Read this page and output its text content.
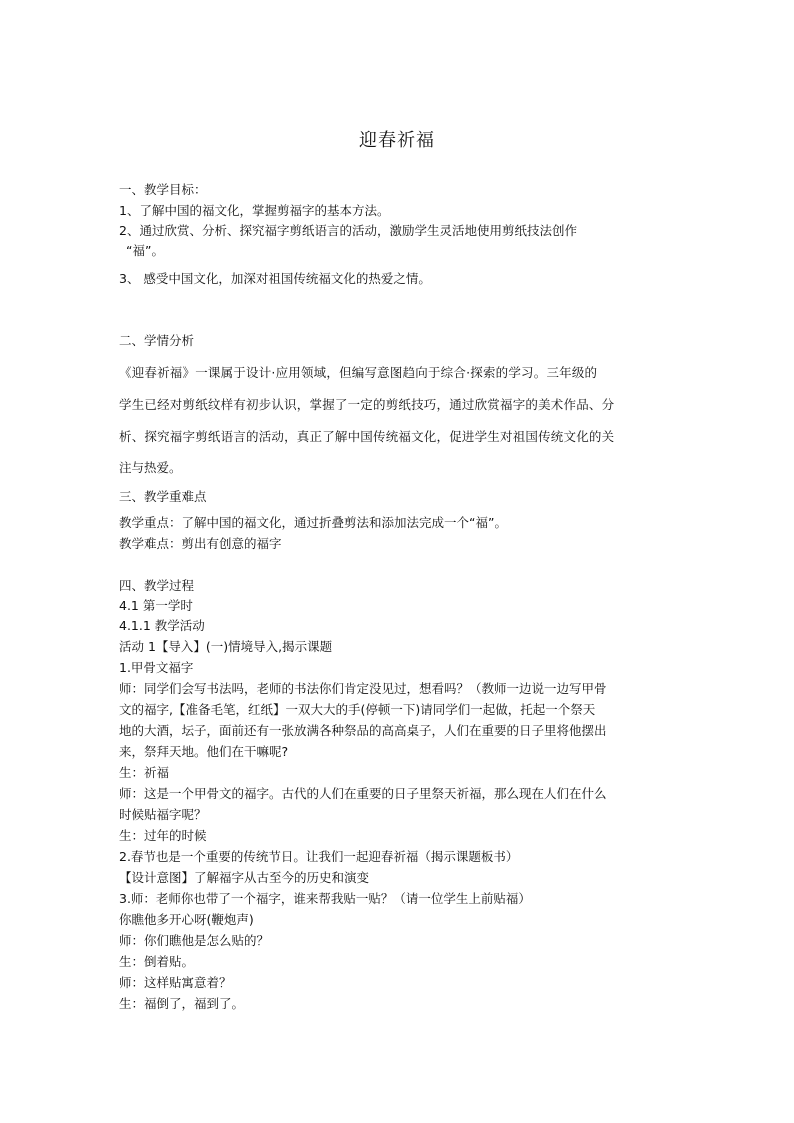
迎春祈福
一、教学目标：
1、了解中国的福文化，掌握剪福字的基本方法。
2、通过欣赏、分析、探究福字剪纸语言的活动，激励学生灵活地使用剪纸技法创作
“福”。
3、 感受中国文化，加深对祖国传统福文化的热爱之情。
二、学情分析
《迎春祈福》一课属于设计·应用领域，但编写意图趋向于综合·探索的学习。三年级的
学生已经对剪纸纹样有初步认识，掌握了一定的剪纸技巧，通过欣赏福字的美术作品、分
析、探究福字剪纸语言的活动，真正了解中国传统福文化，促进学生对祖国传统文化的关
注与热爱。
三、教学重难点
教学重点：了解中国的福文化，通过折叠剪法和添加法完成一个“福”。
教学难点：剪出有创意的福字
四、教学过程
4.1 第一学时
4.1.1 教学活动
活动 1【导入】(一)情境导入,揭示课题
1.甲骨文福字
师：同学们会写书法吗，老师的书法你们肯定没见过，想看吗？（教师一边说一边写甲骨
文的福字,【准备毛笔，红纸】一双大大的手(停顿一下)请同学们一起做，托起一个祭天
地的大酒，坛子，面前还有一张放满各种祭品的高高桌子，人们在重要的日子里将他摆出
来，祭拜天地。他们在干嘛呢?
生：祈福
师：这是一个甲骨文的福字。古代的人们在重要的日子里祭天祈福，那么现在人们在什么
时候贴福字呢？
生：过年的时候
2.春节也是一个重要的传统节日。让我们一起迎春祈福（揭示课题板书）
【设计意图】了解福字从古至今的历史和演变
3.师：老师你也带了一个福字，谁来帮我贴一贴？（请一位学生上前贴福）
你瞧他多开心呀(鞭炮声)
师：你们瞧他是怎么贴的？
生：倒着贴。
师：这样贴寓意着？
生：福倒了，福到了。
